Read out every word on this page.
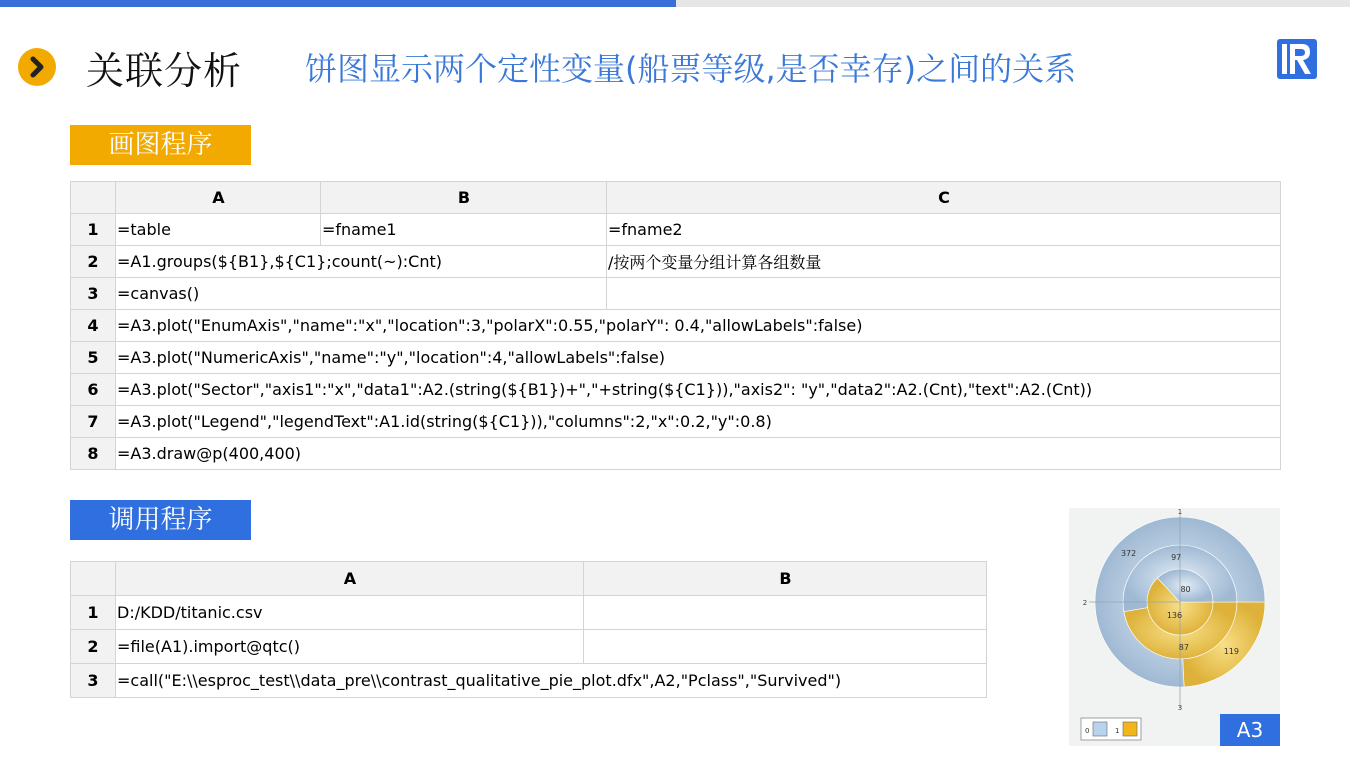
关联分析 饼图显示两个定性变量(船票等级,是否幸存)之间的关系
画图程序
	A	B	C
1	=table	=fname1	=fname2
2	=A1.groups(${B1},${C1};count(~):Cnt)		/按两个变量分组计算各组数量
3	=canvas()		
4	=A3.plot("EnumAxis","name":"x","location":3,"polarX":0.55,"polarY": 0.4,"allowLabels":false)		
5	=A3.plot("NumericAxis","name":"y","location":4,"allowLabels":false)		
6	=A3.plot("Sector","axis1":"x","data1":A2.(string(${B1})+","+string(${C1})),"axis2": "y","data2":A2.(Cnt),"text":A2.(Cnt))		
7	=A3.plot("Legend","legendText":A1.id(string(${C1})),"columns":2,"x":0.2,"y":0.8)		
8	=A3.draw@p(400,400)		
调用程序
	A	B
1	D:/KDD/titanic.csv	
2	=file(A1).import@qtc()	
3	=call("E:\\esproc_test\\data_pre\\contrast_qualitative_pie_plot.dfx",A2,"Pclass","Survived")	
1
2
3
136
80
87
97
119
372
0	1	A3
